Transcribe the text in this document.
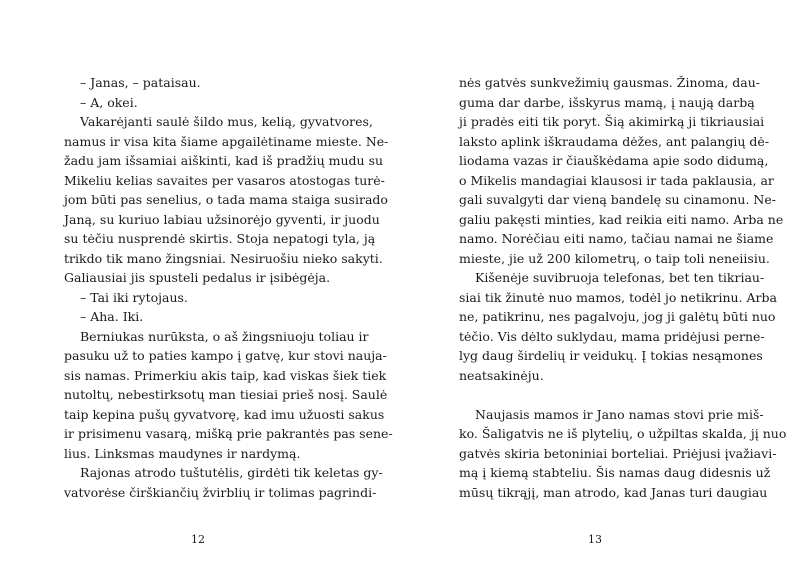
– Janas, – pataisau.
– A, okei.
Vakarėjanti saulė šildo mus, kelią, gyvatvores,
namus ir visa kita šiame apgailėtiname mieste. Ne-
žadu jam išsamiai aiškinti, kad iš pradžių mudu su
Mikeliu kelias savaites per vasaros atostogas turė-
jom būti pas senelius, o tada mama staiga susirado
Janą, su kuriuo labiau užsinorėjo gyventi, ir juodu
su tėčiu nusprendė skirtis. Stoja nepatogi tyla, ją
trikdo tik mano žingsniai. Nesiruošiu nieko sakyti.
Galiausiai jis spusteli pedalus ir įsibėgėja.
– Tai iki rytojaus.
– Aha. Iki.
Berniukas nurūksta, o aš žingsniuoju toliau ir
pasuku už to paties kampo į gatvę, kur stovi nauja-
sis namas. Primerkiu akis taip, kad viskas šiek tiek
nutoltų, nebestirksotų man tiesiai prieš nosį. Saulė
taip kepina pušų gyvatvorę, kad imu užuosti sakus
ir prisimenu vasarą, mišką prie pakrantės pas sene-
lius. Linksmas maudynes ir nardymą.
Rajonas atrodo tuštutėlis, girdėti tik keletas gy-
vatvorėse čirškiančių žvirblių ir tolimas pagrindi-
12
nės gatvės sunkvežimių gausmas. Žinoma, dau-
guma dar darbe, išskyrus mamą, į naują darbą
ji pradės eiti tik poryt. Šią akimirką ji tikriausiai
laksto aplink iškraudama dėžes, ant palangių dė-
liodama vazas ir čiauškėdama apie sodo didumą,
o Mikelis mandagiai klausosi ir tada paklausia, ar
gali suvalgyti dar vieną bandelę su cinamonu. Ne-
galiu pakęsti minties, kad reikia eiti namo. Arba ne
namo. Norėčiau eiti namo, tačiau namai ne šiame
mieste, jie už 200 kilometrų, o taip toli neneiisiu.
Kišenėje suvibruoja telefonas, bet ten tikriau-
siai tik žinutė nuo mamos, todėl jo netikrinu. Arba
ne, patikrinu, nes pagalvoju, jog ji galėtų būti nuo
tėčio. Vis dėlto suklydau, mama pridėjusi perne-
lyg daug širdelių ir veidukų. Į tokias nesąmones
neatsakinėju.
Naujasis mamos ir Jano namas stovi prie miš-
ko. Šaligatvis ne iš plytelių, o užpiltas skalda, jį nuo
gatvės skiria betoniniai borteliai. Priėjusi įvažiavi-
mą į kiemą stabteliu. Šis namas daug didesnis už
mūsų tikrąjį, man atrodo, kad Janas turi daugiau
13
